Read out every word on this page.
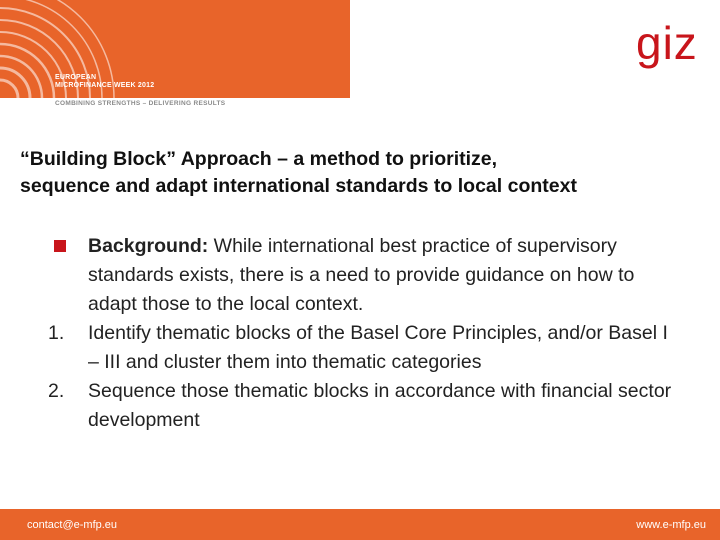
EUROPEAN
MICROFINANCE WEEK 2012
COMBINING STRENGTHS – DELIVERING RESULTS
giz
“Building Block” Approach – a method to prioritize,
sequence and adapt international standards to local context
Background: While international best practice of supervisory standards exists, there is a need to provide guidance on how to adapt those to the local context.
1.	Identify thematic blocks of the Basel Core Principles, and/or Basel I – III and cluster them into thematic categories
2.	Sequence those thematic blocks in accordance with financial sector development
contact@e-mfp.eu	www.e-mfp.eu
